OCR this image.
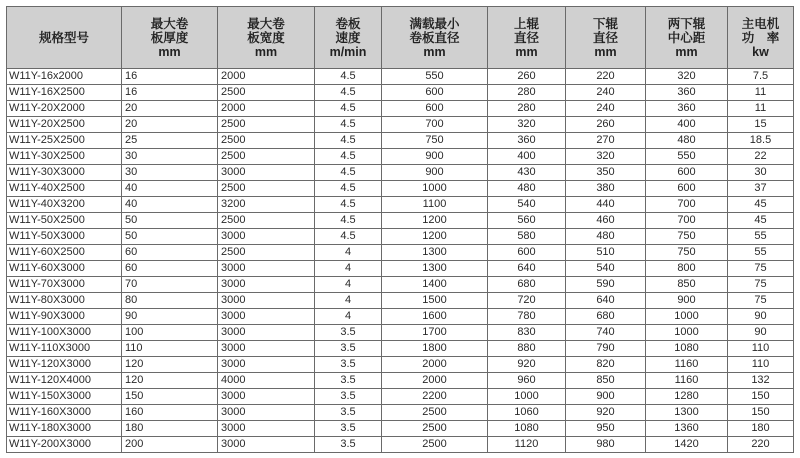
规格型号	最大卷
板厚度
mm	最大卷
板宽度
mm	卷板
速度
m/min	满载最小
卷板直径
mm	上辊
直径
mm	下辊
直径
mm	两下辊
中心距
mm	主电机
功　率
kw

W11Y-16x2000	16	2000	4.5	550	260	220	320	7.5
W11Y-16X2500	16	2500	4.5	600	280	240	360	11
W11Y-20X2000	20	2000	4.5	600	280	240	360	11
W11Y-20X2500	20	2500	4.5	700	320	260	400	15
W11Y-25X2500	25	2500	4.5	750	360	270	480	18.5
W11Y-30X2500	30	2500	4.5	900	400	320	550	22
W11Y-30X3000	30	3000	4.5	900	430	350	600	30
W11Y-40X2500	40	2500	4.5	1000	480	380	600	37
W11Y-40X3200	40	3200	4.5	1100	540	440	700	45
W11Y-50X2500	50	2500	4.5	1200	560	460	700	45
W11Y-50X3000	50	3000	4.5	1200	580	480	750	55
W11Y-60X2500	60	2500	4	1300	600	510	750	55
W11Y-60X3000	60	3000	4	1300	640	540	800	75
W11Y-70X3000	70	3000	4	1400	680	590	850	75
W11Y-80X3000	80	3000	4	1500	720	640	900	75
W11Y-90X3000	90	3000	4	1600	780	680	1000	90
W11Y-100X3000	100	3000	3.5	1700	830	740	1000	90
W11Y-110X3000	110	3000	3.5	1800	880	790	1080	110
W11Y-120X3000	120	3000	3.5	2000	920	820	1160	110
W11Y-120X4000	120	4000	3.5	2000	960	850	1160	132
W11Y-150X3000	150	3000	3.5	2200	1000	900	1280	150
W11Y-160X3000	160	3000	3.5	2500	1060	920	1300	150
W11Y-180X3000	180	3000	3.5	2500	1080	950	1360	180
W11Y-200X3000	200	3000	3.5	2500	1120	980	1420	220
